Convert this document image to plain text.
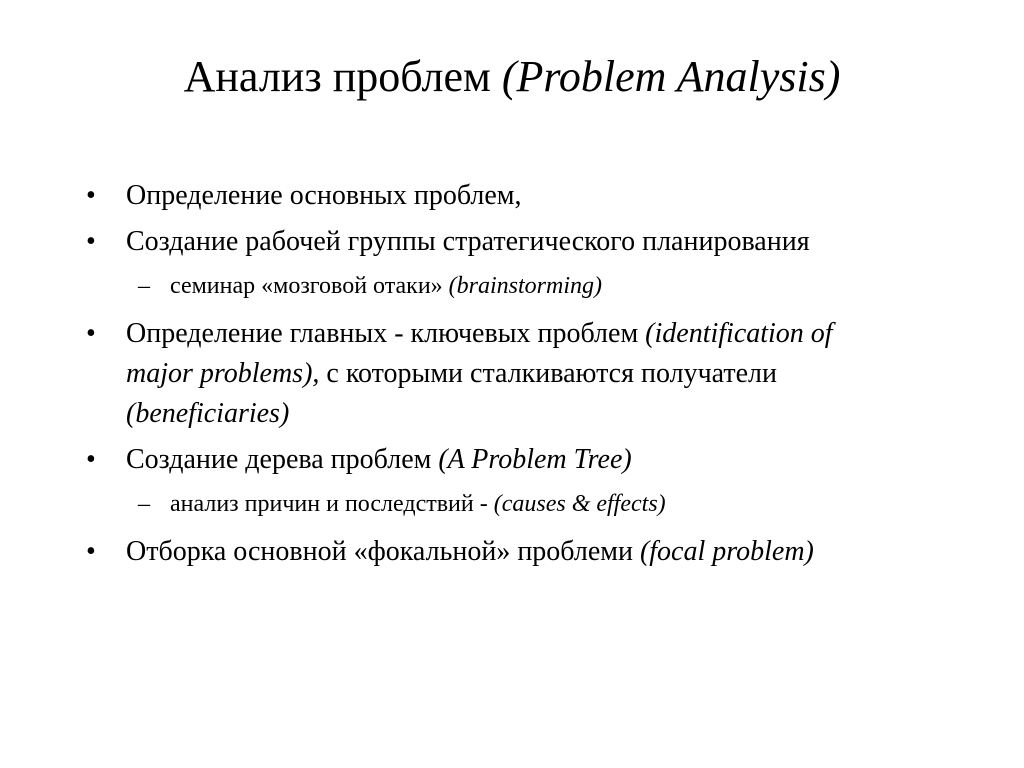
Анализ проблем (Problem Analysis)
• Определение основных проблем,
• Создание рабочей группы стратегического планирования
– семинар «мозговой отаки» (brainstorming)
• Определение главных - ключевых проблем (identification of major problems), с которыми сталкиваются получатели (beneficiaries)
• Создание дерева проблем (A Problem Tree)
– анализ причин и последствий - (causes & effects)
• Отборка основной «фокальной» проблеми (focal problem)
